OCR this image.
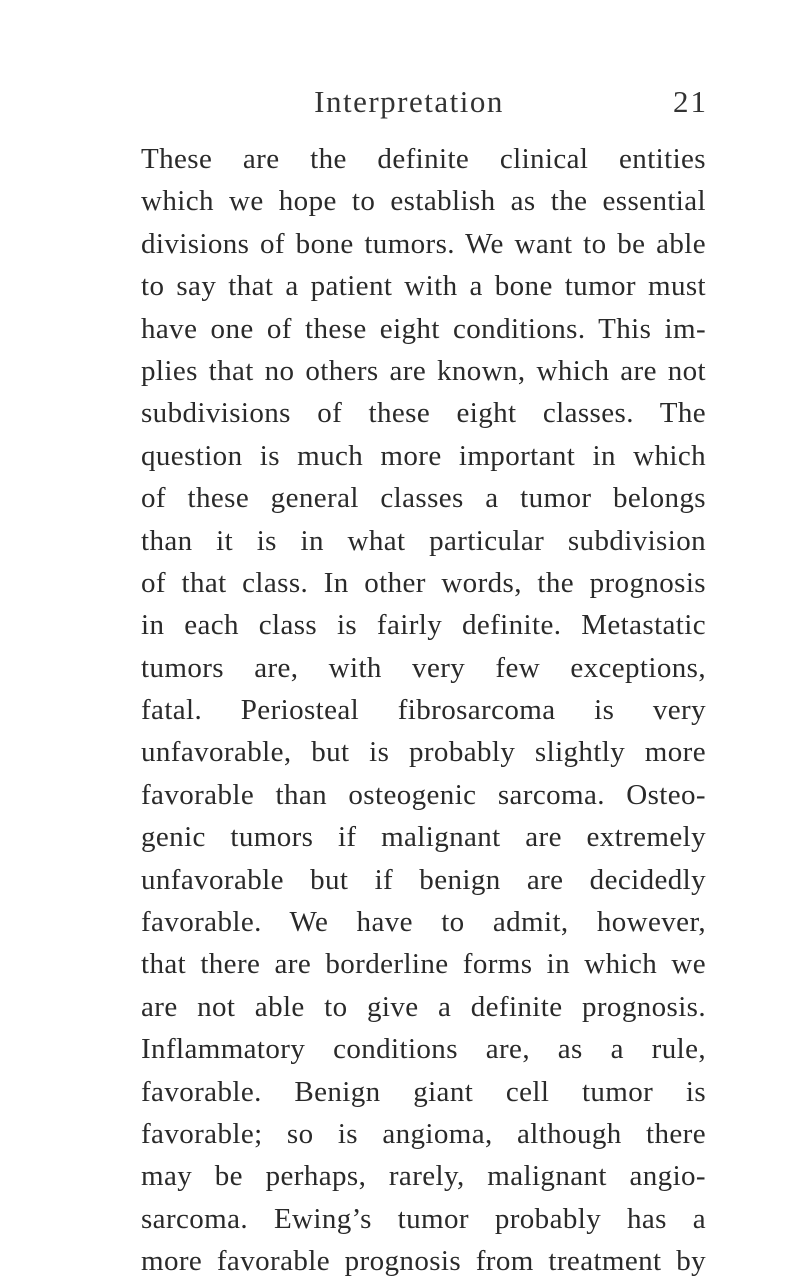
Interpretation	21
These are the definite clinical entities
which we hope to establish as the essential
divisions of bone tumors. We want to be able
to say that a patient with a bone tumor must
have one of these eight conditions. This im-
plies that no others are known, which are not
subdivisions of these eight classes. The
question is much more important in which
of these general classes a tumor belongs
than it is in what particular subdivision
of that class. In other words, the prognosis
in each class is fairly definite. Metastatic
tumors are, with very few exceptions,
fatal. Periosteal fibrosarcoma is very
unfavorable, but is probably slightly more
favorable than osteogenic sarcoma. Osteo-
genic tumors if malignant are extremely
unfavorable but if benign are decidedly
favorable. We have to admit, however,
that there are borderline forms in which we
are not able to give a definite prognosis.
Inflammatory conditions are, as a rule,
favorable. Benign giant cell tumor is
favorable; so is angioma, although there
may be perhaps, rarely, malignant angio-
sarcoma. Ewing’s tumor probably has a
more favorable prognosis from treatment by
